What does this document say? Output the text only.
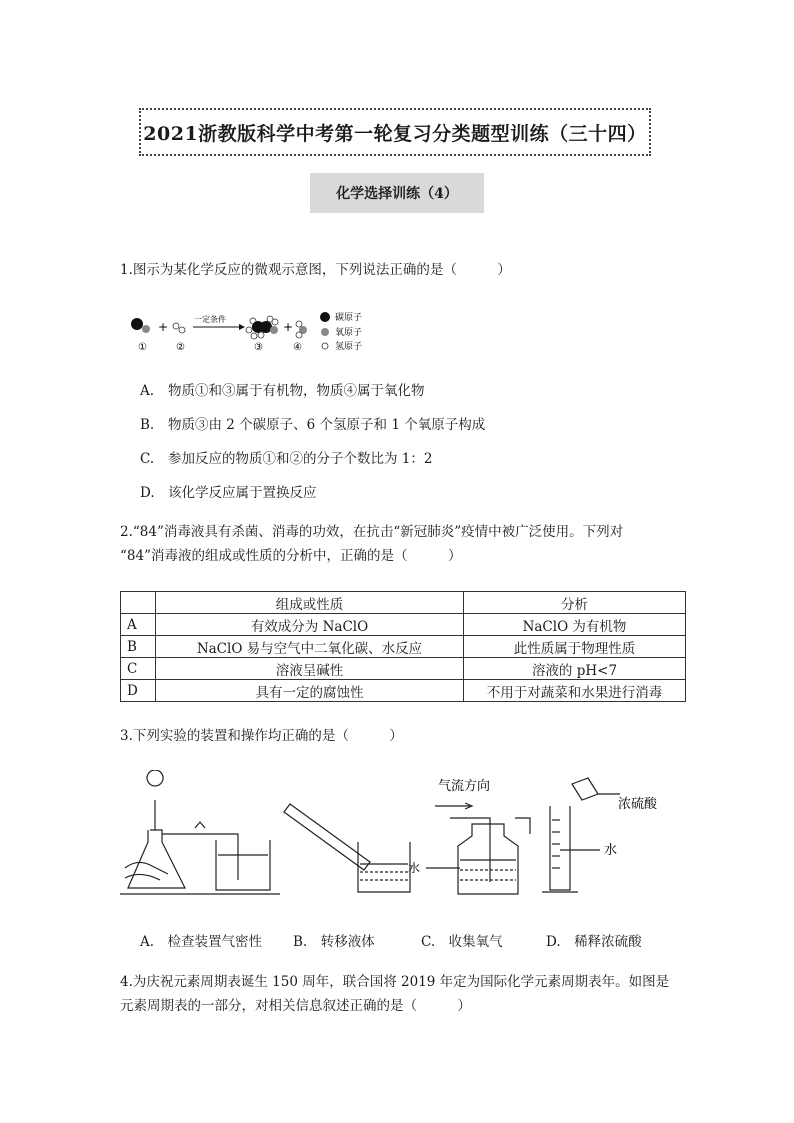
2021浙教版科学中考第一轮复习分类题型训练（三十四）
化学选择训练（4）
1.图示为某化学反应的微观示意图，下列说法正确的是（　　　）
①
+
②
一定条件
③
+
④
碳原子
氧原子
氢原子
A. 物质①和③属于有机物，物质④属于氧化物
B. 物质③由 2 个碳原子、6 个氢原子和 1 个氧原子构成
C. 参加反应的物质①和②的分子个数比为 1：2
D. 该化学反应属于置换反应
2.“84”消毒液具有杀菌、消毒的功效，在抗击“新冠肺炎”疫情中被广泛使用。下列对
“84”消毒液的组成或性质的分析中，正确的是（　　　）
	组成或性质	分析
A	有效成分为 NaClO	NaClO 为有机物
B	NaClO 易与空气中二氧化碳、水反应	此性质属于物理性质
C	溶液呈碱性	溶液的 pH<7
D	具有一定的腐蚀性	不用于对蔬菜和水果进行消毒
3.下列实验的装置和操作均正确的是（　　　）
气流方向
水
浓硫酸
水
A.　 检查装置气密性 B.　 转移液体	C.　 收集氧气	D.　 稀释浓硫酸
4.为庆祝元素周期表诞生 150 周年，联合国将 2019 年定为国际化学元素周期表年。如图是
元素周期表的一部分，对相关信息叙述正确的是（　　　）
